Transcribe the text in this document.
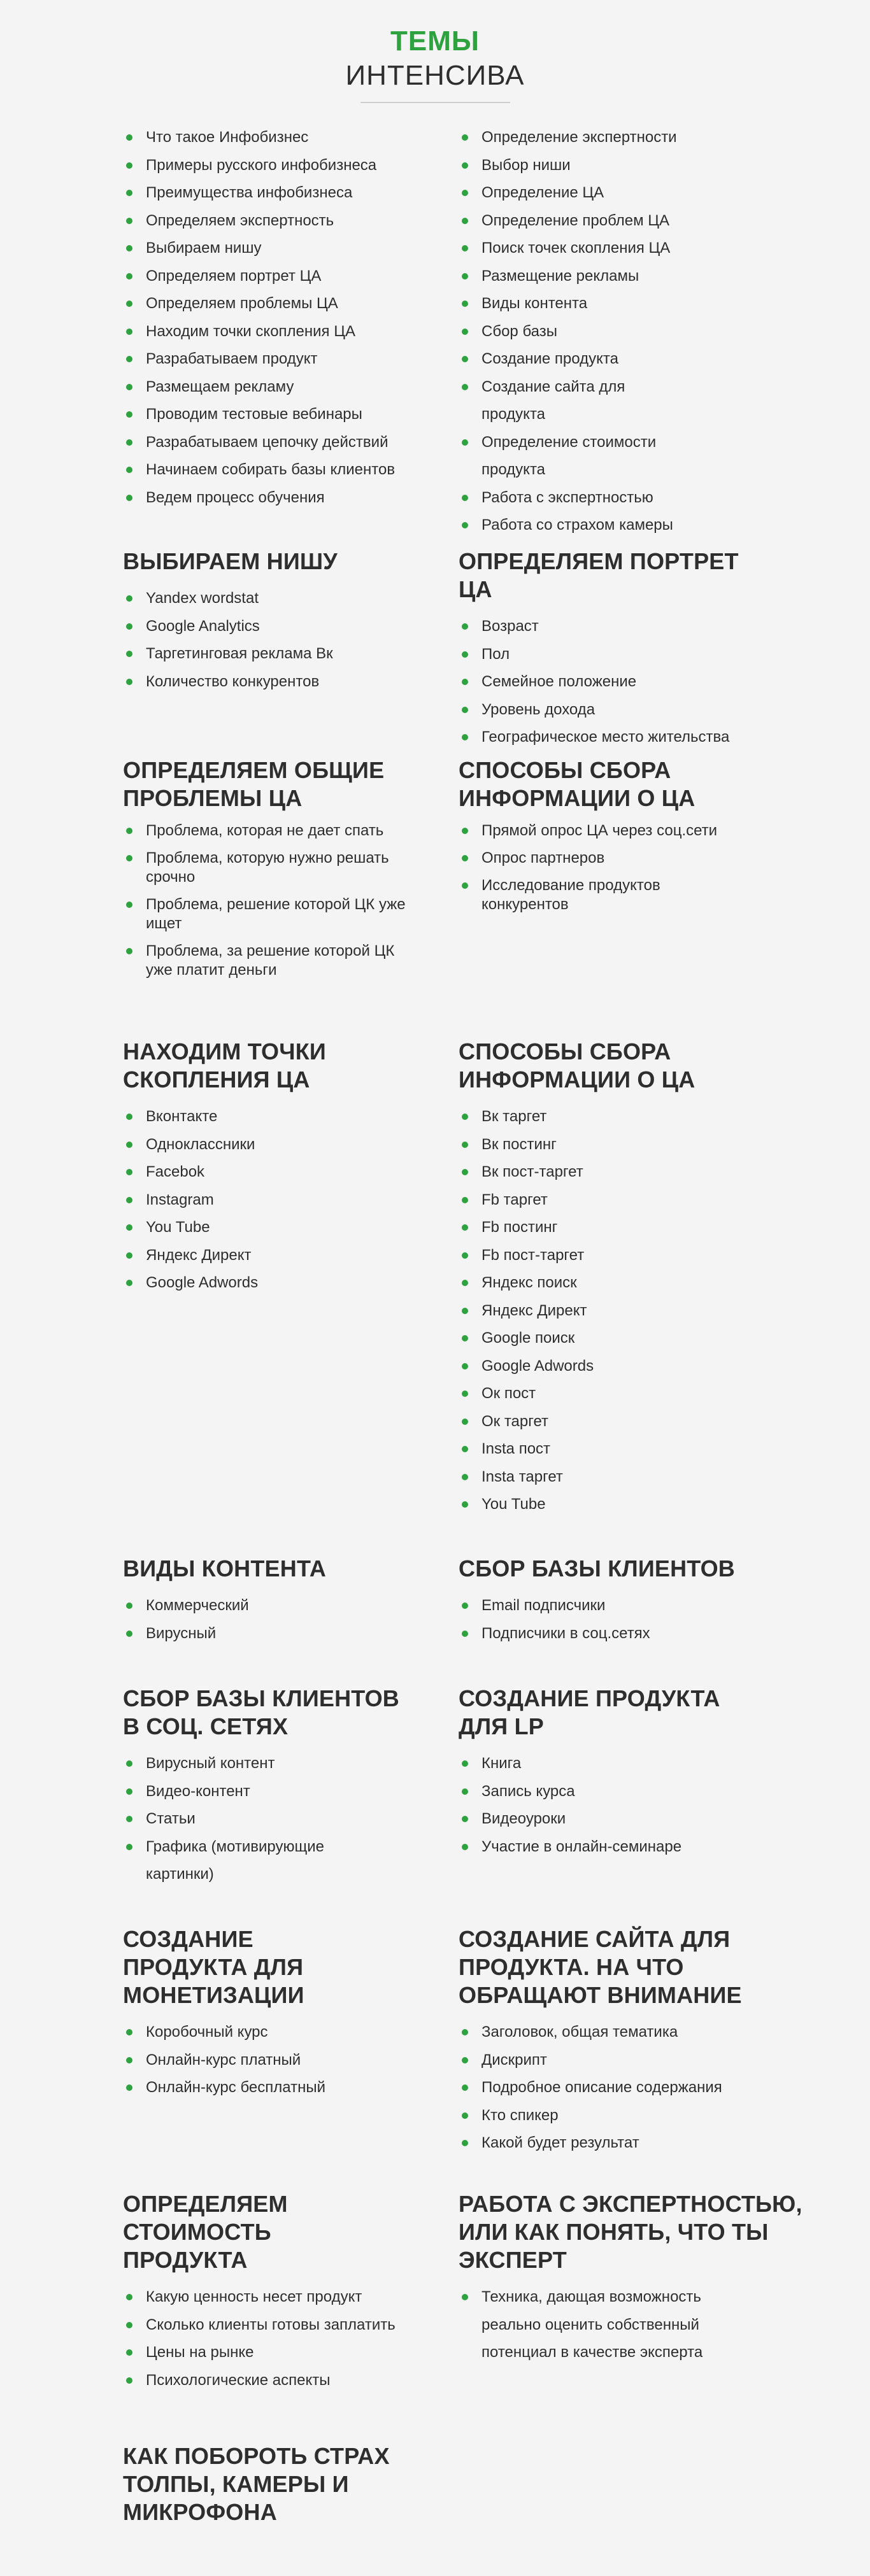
ТЕМЫ
ИНТЕНСИВА
Что такое Инфобизнес
Примеры русского инфобизнеса
Преимущества инфобизнеса
Определяем экспертность
Выбираем нишу
Определяем портрет ЦА
Определяем проблемы ЦА
Находим точки скопления ЦА
Разрабатываем продукт
Размещаем рекламу
Проводим тестовые вебинары
Разрабатываем цепочку действий
Начинаем собирать базы клиентов
Ведем процесс обучения
Определение экспертности
Выбор ниши
Определение ЦА
Определение проблем ЦА
Поиск точек скопления ЦА
Размещение рекламы
Виды контента
Сбор базы
Создание продукта
Создание сайта для продукта
Определение стоимости продукта
Работа с экспертностью
Работа со страхом камеры
ВЫБИРАЕМ НИШУ
Yandex wordstat
Google Analytics
Таргетинговая реклама Вк
Количество конкурентов
ОПРЕДЕЛЯЕМ ПОРТРЕТ ЦА
Возраст
Пол
Семейное положение
Уровень дохода
Географическое место жительства
ОПРЕДЕЛЯЕМ ОБЩИЕ
ПРОБЛЕМЫ ЦА
Проблема, которая не дает спать
Проблема, которую нужно решать срочно
Проблема, решение которой ЦК уже ищет
Проблема, за решение которой ЦК уже платит деньги
СПОСОБЫ СБОРА
ИНФОРМАЦИИ О ЦА
Прямой опрос ЦА через соц.сети
Опрос партнеров
Исследование продуктов конкурентов
НАХОДИМ ТОЧКИ
СКОПЛЕНИЯ ЦА
Вконтакте
Одноклассники
Facebok
Instagram
You Tube
Яндекс Директ
Google Adwords
СПОСОБЫ СБОРА
ИНФОРМАЦИИ О ЦА
Вк таргет
Вк постинг
Вк пост-таргет
Fb таргет
Fb постинг
Fb пост-таргет
Яндекс поиск
Яндекс Директ
Google поиск
Google Adwords
Ок пост
Ок таргет
Insta пост
Insta таргет
You Tube
ВИДЫ КОНТЕНТА
Коммерческий
Вирусный
СБОР БАЗЫ КЛИЕНТОВ
Email подписчики
Подписчики в соц.сетях
СБОР БАЗЫ КЛИЕНТОВ
В СОЦ. СЕТЯХ
Вирусный контент
Видео-контент
Статьи
Графика (мотивирующие картинки)
СОЗДАНИЕ ПРОДУКТА
ДЛЯ LP
Книга
Запись курса
Видеоуроки
Участие в онлайн-семинаре
СОЗДАНИЕ
ПРОДУКТА ДЛЯ
МОНЕТИЗАЦИИ
Коробочный курс
Онлайн-курс платный
Онлайн-курс бесплатный
СОЗДАНИЕ САЙТА ДЛЯ
ПРОДУКТА. НА ЧТО
ОБРАЩАЮТ ВНИМАНИЕ
Заголовок, общая тематика
Дискрипт
Подробное описание содержания
Кто спикер
Какой будет результат
ОПРЕДЕЛЯЕМ
СТОИМОСТЬ
ПРОДУКТА
Какую ценность несет продукт
Сколько клиенты готовы заплатить
Цены на рынке
Психологические аспекты
РАБОТА С ЭКСПЕРТНОСТЬЮ,
ИЛИ КАК ПОНЯТЬ, ЧТО ТЫ
ЭКСПЕРТ
Техника, дающая возможность реально оценить собственный потенциал в качестве эксперта
КАК ПОБОРОТЬ СТРАХ
ТОЛПЫ, КАМЕРЫ И
МИКРОФОНА
